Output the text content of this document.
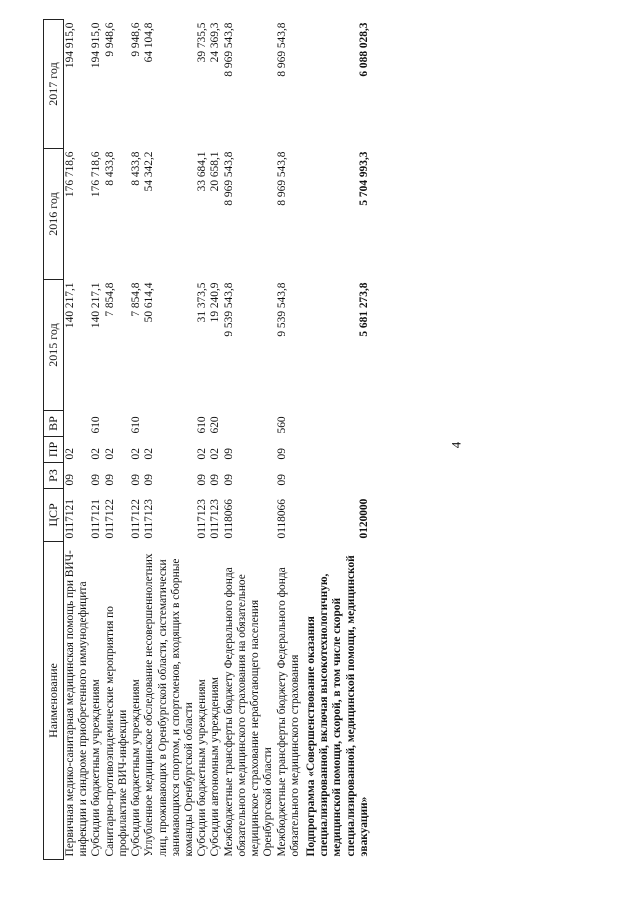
4
Наименование	ЦСР	РЗ	ПР	ВР	2015 год	2016 год	2017 год
Первичная медико-санитарная медицинская помощь при ВИЧ-инфекции и синдроме приобретенного иммунодефицита	0117121	09	02		140 217,1	176 718,6	194 915,0
Субсидии бюджетным учреждениям	0117121	09	02	610	140 217,1	176 718,6	194 915,0
Санитарно-противоэпидемические мероприятия по профилактике ВИЧ-инфекции	0117122	09	02		7 854,8	8 433,8	9 948,6
Субсидии бюджетным учреждениям	0117122	09	02	610	7 854,8	8 433,8	9 948,6
Углубленное медицинское обследование несовершеннолетних лиц, проживающих в Оренбургской области, систематически занимающихся спортом, и спортсменов, входящих в сборные команды Оренбургской области	0117123	09	02		50 614,4	54 342,2	64 104,8
Субсидии бюджетным учреждениям	0117123	09	02	610	31 373,5	33 684,1	39 735,5
Субсидии автономным учреждениям	0117123	09	02	620	19 240,9	20 658,1	24 369,3
Межбюджетные трансферты бюджету Федерального фонда обязательного медицинского страхования на обязательное медицинское страхование неработающего населения Оренбургской области	0118066	09	09		9 539 543,8	8 969 543,8	8 969 543,8
Межбюджетные трансферты бюджету Федерального фонда обязательного медицинского страхования	0118066	09	09	560	9 539 543,8	8 969 543,8	8 969 543,8
Подпрограмма «Совершенствование оказания специализированной, включая высокотехнологичную, медицинской помощи, скорой, в том числе скорой специализированной, медицинской помощи, медицинской эвакуации»	0120000				5 681 273,8	5 704 993,3	6 088 028,3
